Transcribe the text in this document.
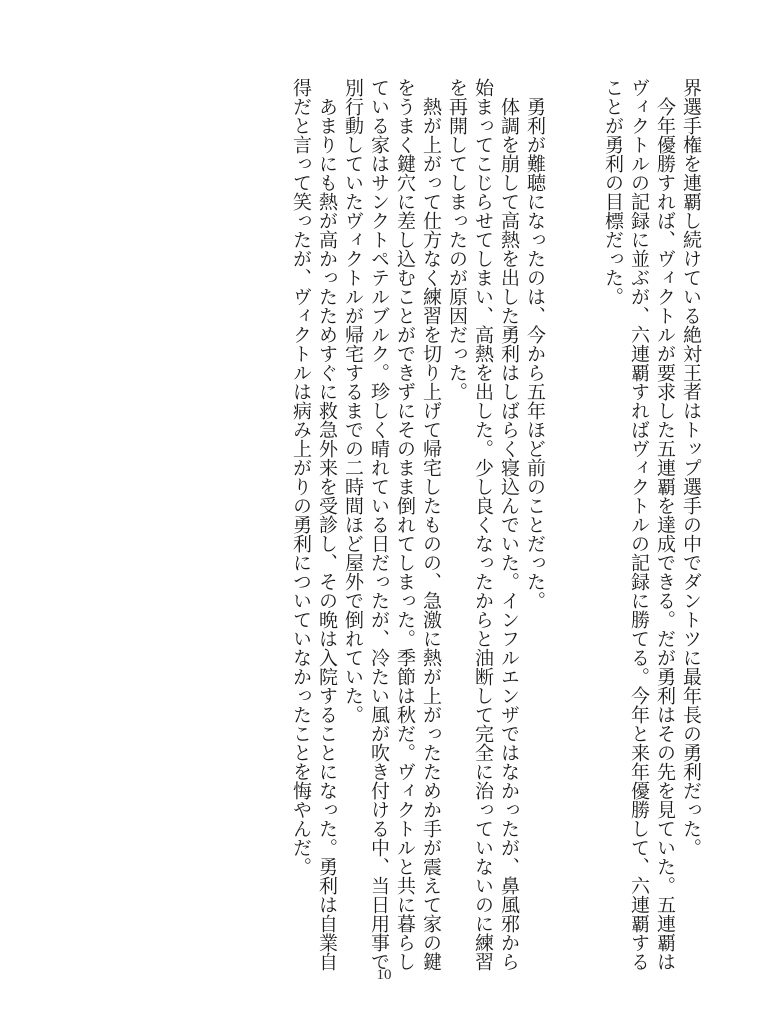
界選手権を連覇し続けている絶対王者はトップ選手の中でダントツに最年長の勇利だった。
　今年優勝すれば、ヴィクトルが要求した五連覇を達成できる。だが勇利はその先を見ていた。五連覇は
ヴィクトルの記録に並ぶが、六連覇すればヴィクトルの記録に勝てる。今年と来年優勝して、六連覇する
ことが勇利の目標だった。
　勇利が難聴になったのは、今から五年ほど前のことだった。
　体調を崩して高熱を出した勇利はしばらく寝込んでいた。インフルエンザではなかったが、鼻風邪から
始まってこじらせてしまい、高熱を出した。少し良くなったからと油断して完全に治っていないのに練習
を再開してしまったのが原因だった。
　熱が上がって仕方なく練習を切り上げて帰宅したものの、急激に熱が上がったためか手が震えて家の鍵
をうまく鍵穴に差し込むことができずにそのまま倒れてしまった。季節は秋だ。ヴィクトルと共に暮らし
ている家はサンクトペテルブルク。珍しく晴れている日だったが、冷たい風が吹き付ける中、当日用事で
別行動していたヴィクトルが帰宅するまでの二時間ほど屋外で倒れていた。
　あまりにも熱が高かったためすぐに救急外来を受診し、その晩は入院することになった。勇利は自業自
得だと言って笑ったが、ヴィクトルは病み上がりの勇利についていなかったことを悔やんだ。
10
